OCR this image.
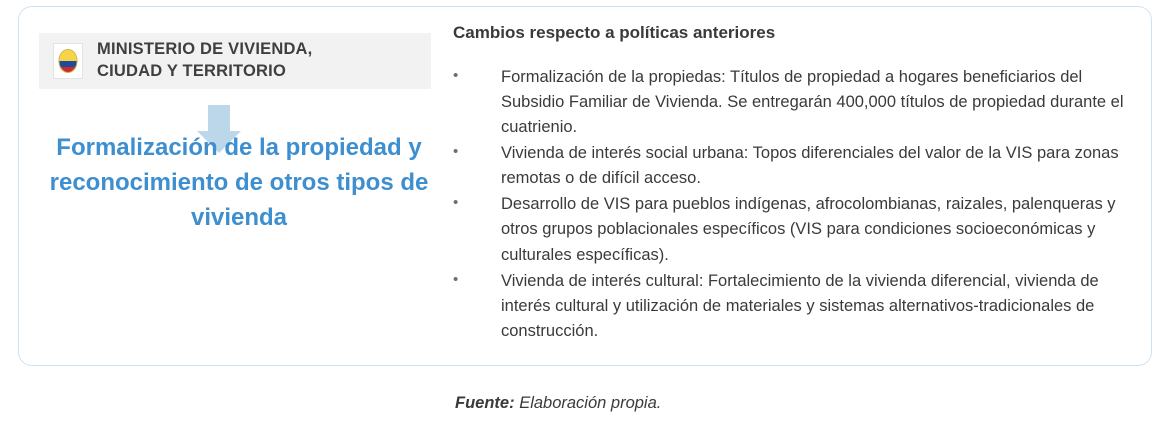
MINISTERIO DE VIVIENDA,
CIUDAD Y TERRITORIO
Formalización de la propiedad y reconocimiento de otros tipos de vivienda
Cambios respecto a políticas anteriores
•	Formalización de la propiedas: Títulos de propiedad a hogares beneficiarios del Subsidio Familiar de Vivienda. Se entregarán 400,000 títulos de propiedad durante el cuatrienio.
•	Vivienda de interés social urbana: Topos diferenciales del valor de la VIS para zonas remotas o de difícil acceso.
•	Desarrollo de VIS para pueblos indígenas, afrocolombianas, raizales, palenqueras y otros grupos poblacionales específicos (VIS para condiciones socioeconómicas y culturales específicas).
•	Vivienda de interés cultural: Fortalecimiento de la vivienda diferencial, vivienda de interés cultural y utilización de materiales y sistemas alternativos-tradicionales de construcción.
Fuente: Elaboración propia.
